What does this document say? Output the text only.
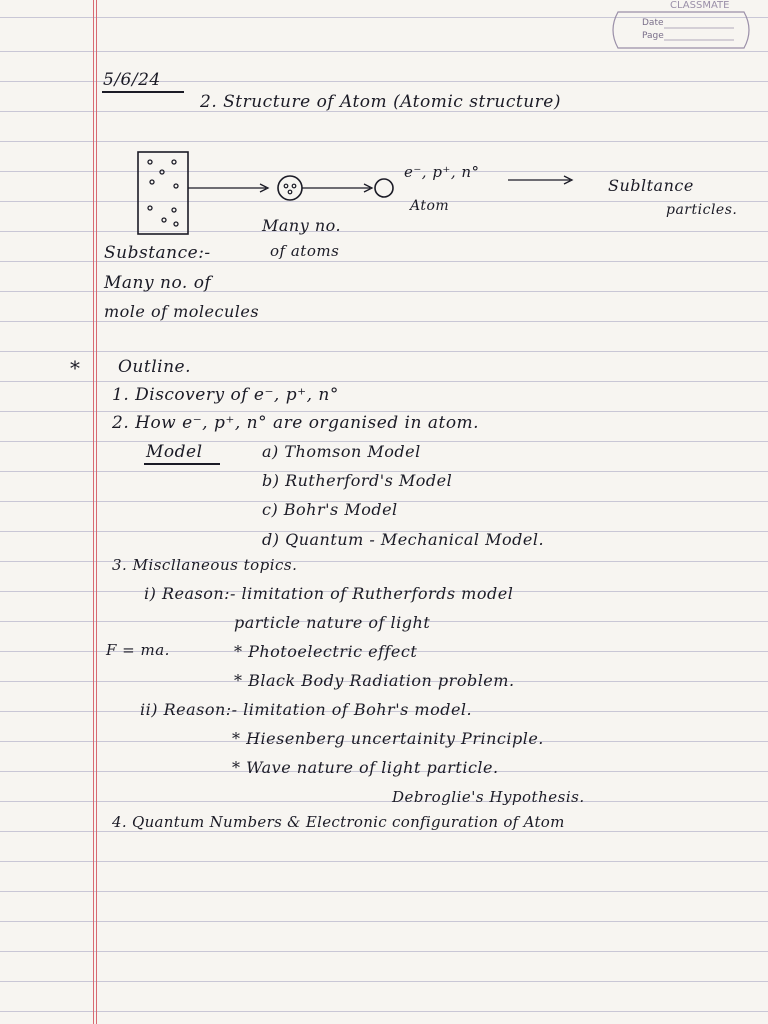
CLASSMATE
Date
Page
5/6/24
2. Structure of Atom (Atomic structure)
e⁻, p⁺, n°
Subltance
particles.
Atom
Many no.
of atoms
Substance:-
Many no. of
mole of molecules
* Outline.
1. Discovery of e⁻, p⁺, n°
2. How e⁻, p⁺, n° are organised in atom.
Model	a) Thomson Model
b) Rutherford's Model
c) Bohr's Model
d) Quantum - Mechanical Model.
3. Miscllaneous topics.
i) Reason:- limitation of Rutherfords model
particle nature of light
F = ma.	* Photoelectric effect
* Black Body Radiation problem.
ii) Reason:- limitation of Bohr's model.
* Hiesenberg uncertainity Principle.
* Wave nature of light particle.
Debroglie's Hypothesis.
4. Quantum Numbers & Electronic configuration of Atom
